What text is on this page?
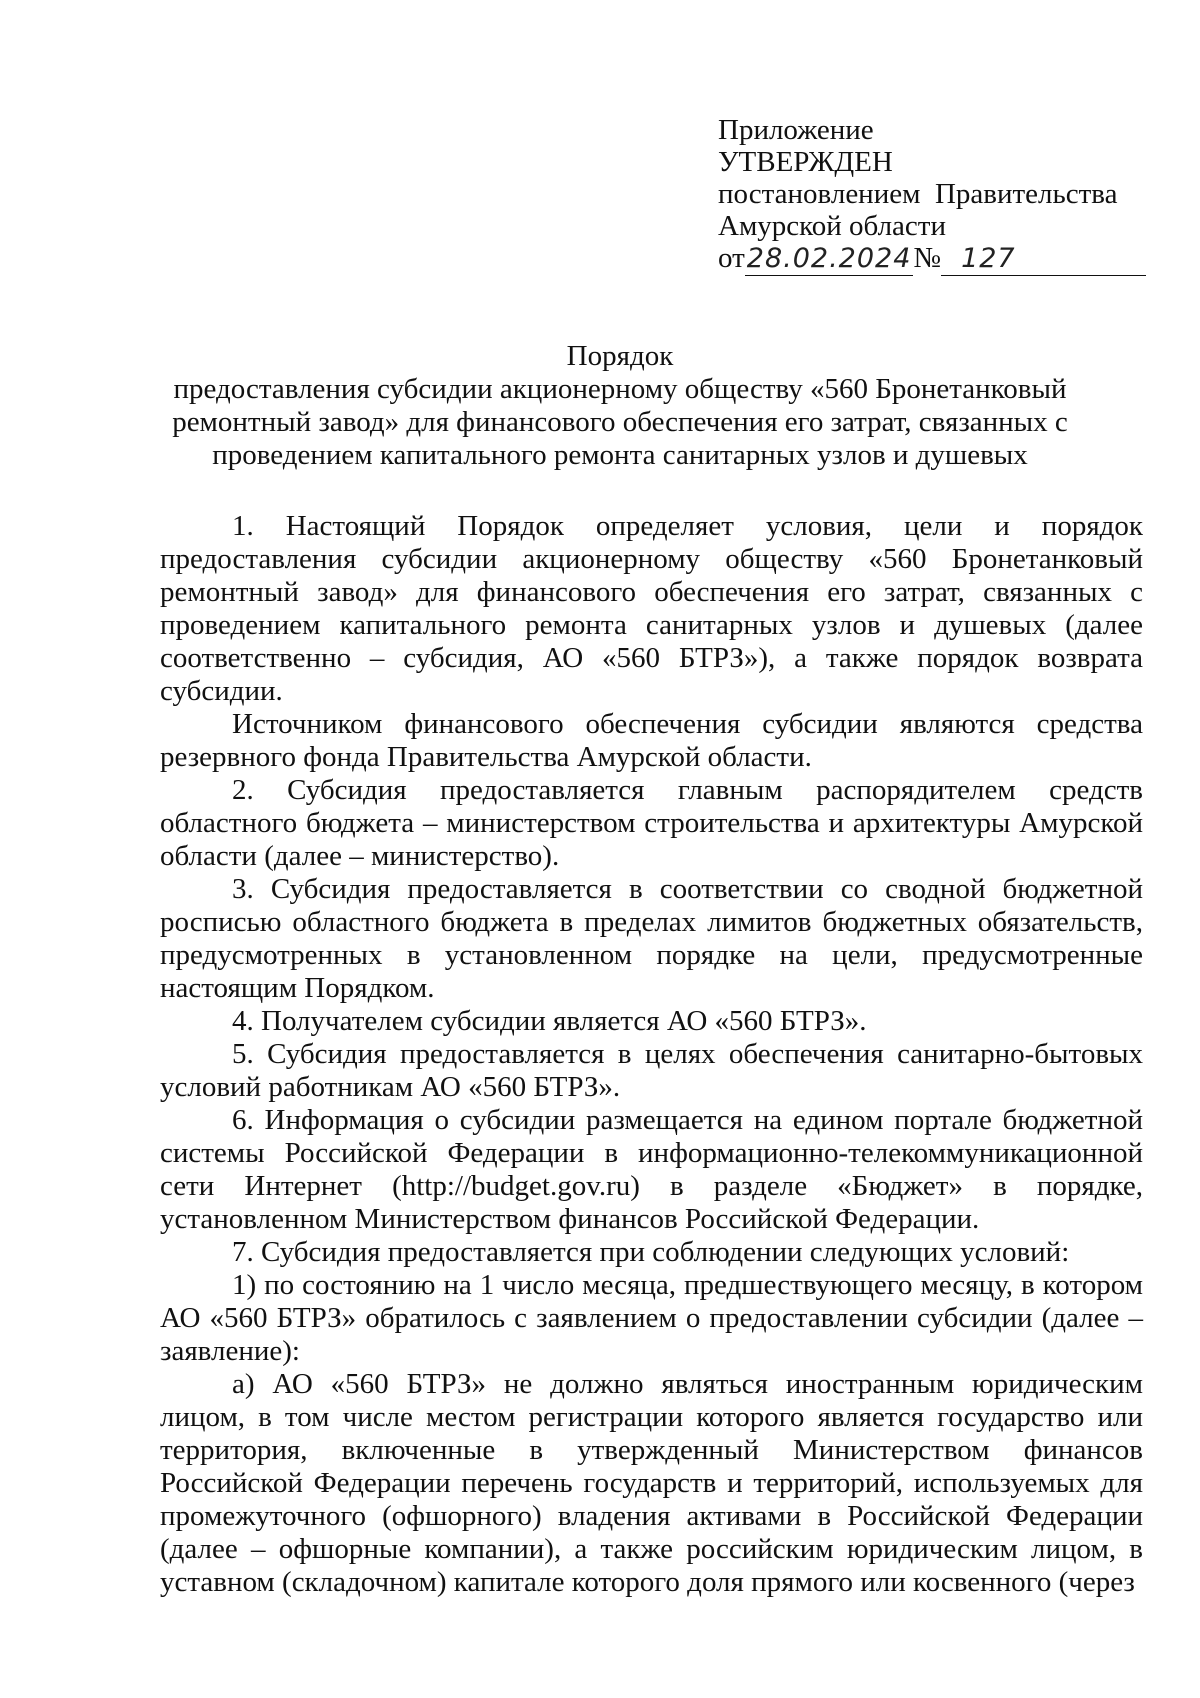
Приложение
УТВЕРЖДЕН
постановлением  Правительства
Амурской области
от28.02.2024№ 127
Порядок
предоставления субсидии акционерному обществу «560 Бронетанковый ремонтный завод» для финансового обеспечения его затрат, связанных с проведением капитального ремонта санитарных узлов и душевых

1.   Настоящий   Порядок   определяет   условия,   цели   и   порядок предоставления субсидии акционерному обществу «560 Бронетанковый ремонтный завод» для финансового обеспечения его затрат, связанных с проведением капитального ремонта санитарных узлов и душевых (далее соответственно – субсидия, АО «560 БТРЗ»), а также порядок возврата субсидии.

Источником финансового обеспечения субсидии являются средства резервного фонда Правительства Амурской области.

2.   Субсидия   предоставляется   главным   распорядителем   средств областного бюджета – министерством строительства и архитектуры Амурской области (далее – министерство).

3. Субсидия предоставляется в соответствии со сводной бюджетной росписью областного бюджета в пределах лимитов бюджетных обязательств, предусмотренных в установленном порядке на цели, предусмотренные настоящим Порядком.

4. Получателем субсидии является АО «560 БТРЗ».

5. Субсидия предоставляется в целях обеспечения санитарно-бытовых условий работникам АО «560 БТРЗ».

6. Информация о субсидии размещается на едином портале бюджетной системы Российской Федерации в информационно-телекоммуникационной сети Интернет (http://budget.gov.ru) в разделе «Бюджет» в порядке, установленном Министерством финансов Российской Федерации.

7. Субсидия предоставляется при соблюдении следующих условий:

1) по состоянию на 1 число месяца, предшествующего месяцу, в котором АО «560 БТРЗ» обратилось с заявлением о предоставлении субсидии (далее – заявление):

а) АО «560 БТРЗ» не должно являться иностранным юридическим лицом, в том числе местом регистрации которого является государство или территория, включенные в утвержденный Министерством финансов Российской Федерации перечень государств и территорий, используемых для промежуточного (офшорного) владения активами в Российской Федерации (далее – офшорные компании), а также российским юридическим лицом, в уставном (складочном) капитале которого доля прямого или косвенного (через
